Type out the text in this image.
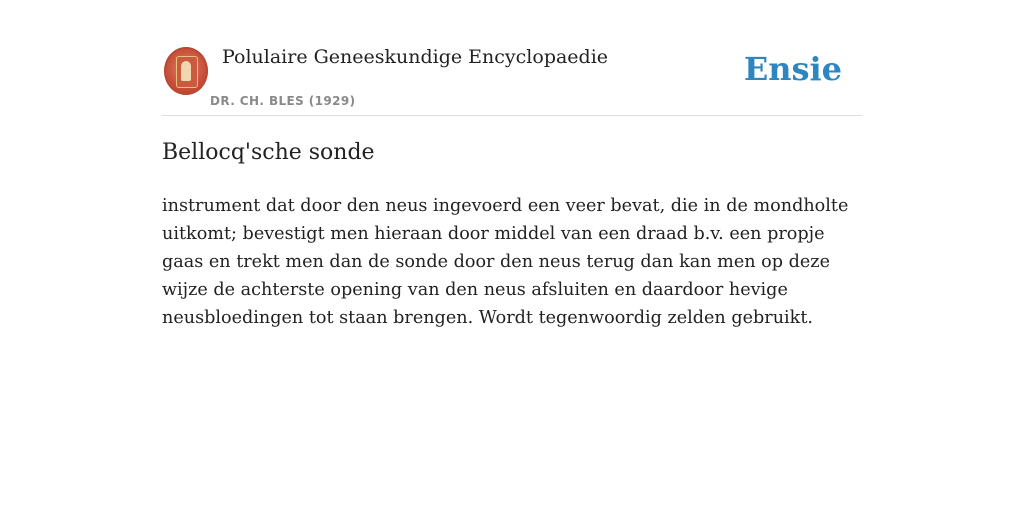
Polulaire Geneeskundige Encyclopaedie
DR. CH. BLES (1929)
Ensie
Bellocq'sche sonde

instrument dat door den neus ingevoerd een veer bevat, die in de mondholte uitkomt; bevestigt men hieraan door middel van een draad b.v. een propje gaas en trekt men dan de sonde door den neus terug dan kan men op deze wijze de achterste opening van den neus afsluiten en daardoor hevige neusbloedingen tot staan brengen. Wordt tegenwoordig zelden gebruikt.
